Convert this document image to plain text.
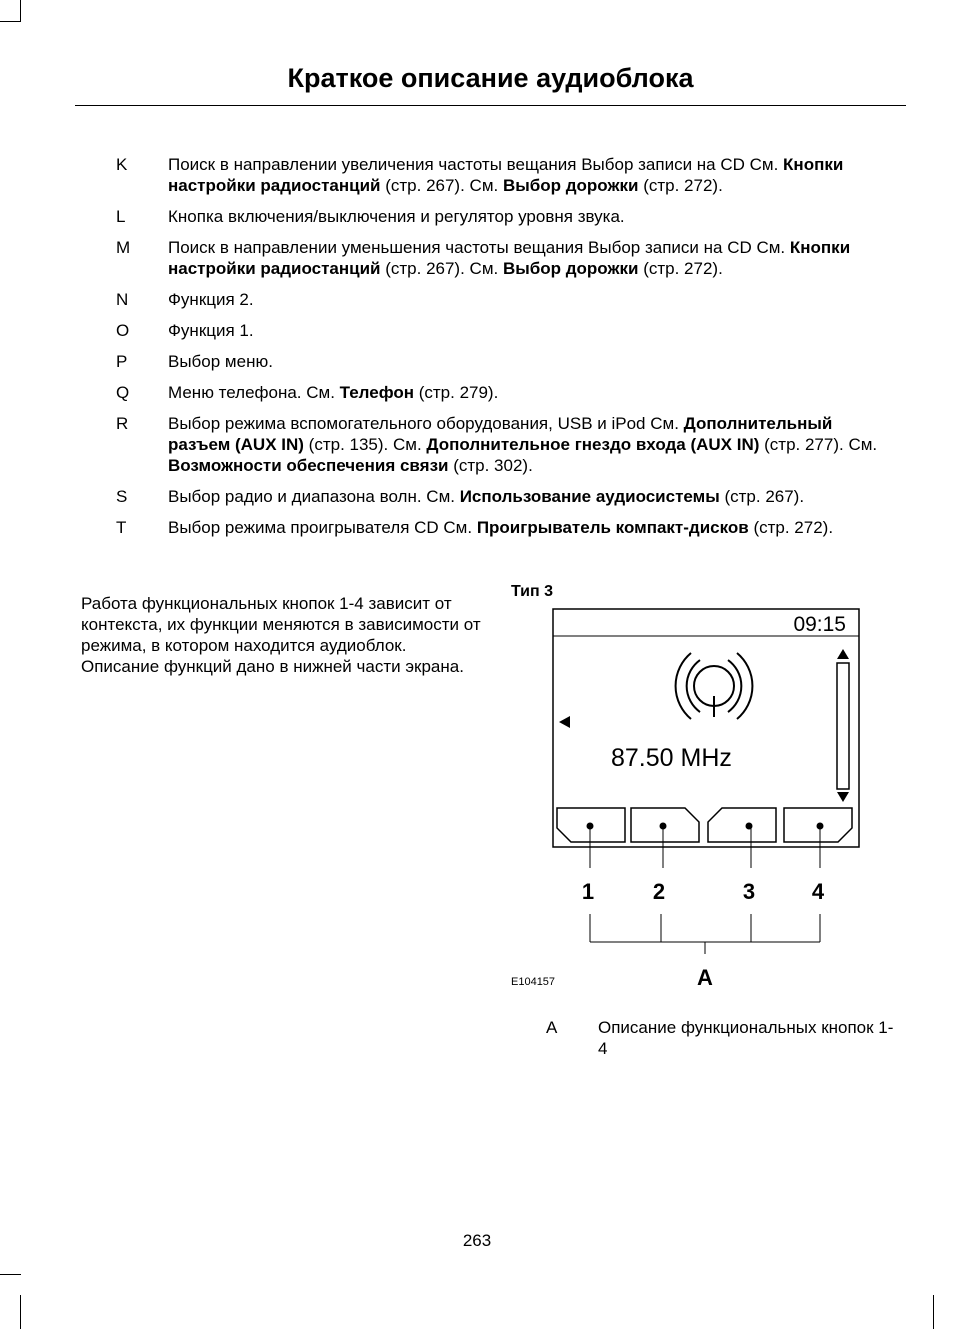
Краткое описание аудиоблока
K	Поиск в направлении увеличения частоты вещания Выбор записи на CD См. Кнопки настройки радиостанций (стр. 267). См. Выбор дорожки (стр. 272).
L	Кнопка включения/выключения и регулятор уровня звука.
M	Поиск в направлении уменьшения частоты вещания Выбор записи на CD См. Кнопки настройки радиостанций (стр. 267). См. Выбор дорожки (стр. 272).
N	Функция 2.
O	Функция 1.
P	Выбор меню.
Q	Меню телефона. См. Телефон (стр. 279).
R	Выбор режима вспомогательного оборудования, USB и iPod См. Дополнительный разъем (AUX IN) (стр. 135). См. Дополнительное гнездо входа (AUX IN) (стр. 277). См. Возможности обеспечения связи (стр. 302).
S	Выбор радио и диапазона волн. См. Использование аудиосистемы (стр. 267).
T	Выбор режима проигрывателя CD См. Проигрыватель компакт-дисков (стр. 272).
Работа функциональных кнопок 1-4 зависит от контекста, их функции меняются в зависимости от режима, в котором находится аудиоблок. Описание функций дано в нижней части экрана.
Тип 3
09:15
87.50 MHz
1	2	3	4
A
E104157
A Описание функциональных кнопок 1-4
263
